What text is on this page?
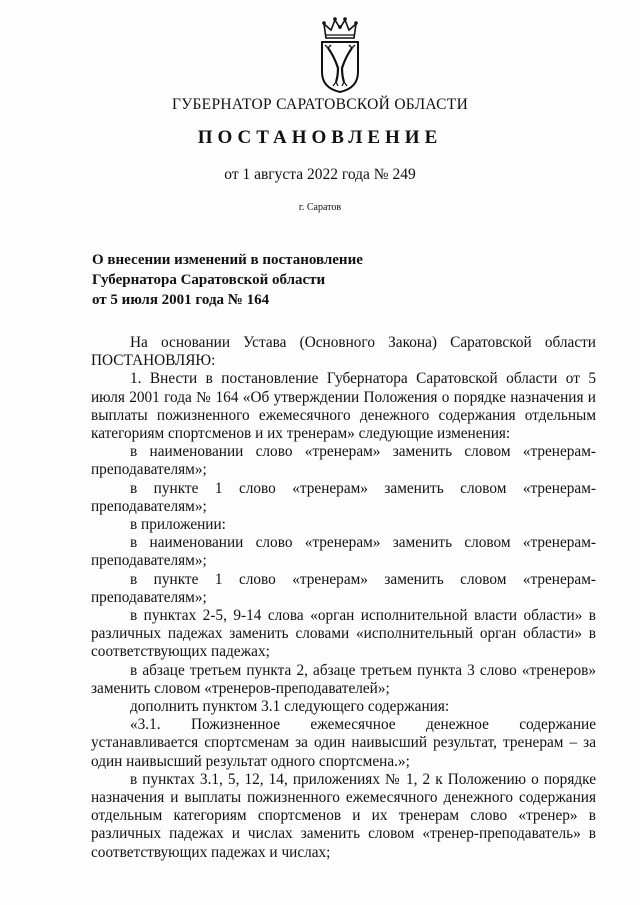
ГУБЕРНАТОР САРАТОВСКОЙ ОБЛАСТИ
ПОСТАНОВЛЕНИЕ
от 1 августа 2022 года № 249
г. Саратов
О внесении изменений в постановление
Губернатора Саратовской области
от 5 июля 2001 года № 164

На основании Устава (Основного Закона) Саратовской области ПОСТАНОВЛЯЮ:

1. Внести в постановление Губернатора Саратовской области от 5 июля 2001 года № 164 «Об утверждении Положения о порядке назначения и выплаты пожизненного ежемесячного денежного содержания отдельным категориям спортсменов и их тренерам» следующие изменения:

в наименовании слово «тренерам» заменить словом «тренерам-преподавателям»;

в пункте 1 слово «тренерам» заменить словом «тренерам-преподавателям»;

в приложении:

в наименовании слово «тренерам» заменить словом «тренерам-преподавателям»;

в пункте 1 слово «тренерам» заменить словом «тренерам-преподавателям»;

в пунктах 2-5, 9-14 слова «орган исполнительной власти области» в различных падежах заменить словами «исполнительный орган области» в соответствующих падежах;

в абзаце третьем пункта 2, абзаце третьем пункта 3 слово «тренеров» заменить словом «тренеров-преподавателей»;

дополнить пунктом 3.1 следующего содержания:

«3.1. Пожизненное ежемесячное денежное содержание устанавливается спортсменам за один наивысший результат, тренерам – за один наивысший результат одного спортсмена.»;

в пунктах 3.1, 5, 12, 14, приложениях № 1, 2 к Положению о порядке назначения и выплаты пожизненного ежемесячного денежного содержания отдельным категориям спортсменов и их тренерам слово «тренер» в различных падежах и числах заменить словом «тренер-преподаватель» в соответствующих падежах и числах;
